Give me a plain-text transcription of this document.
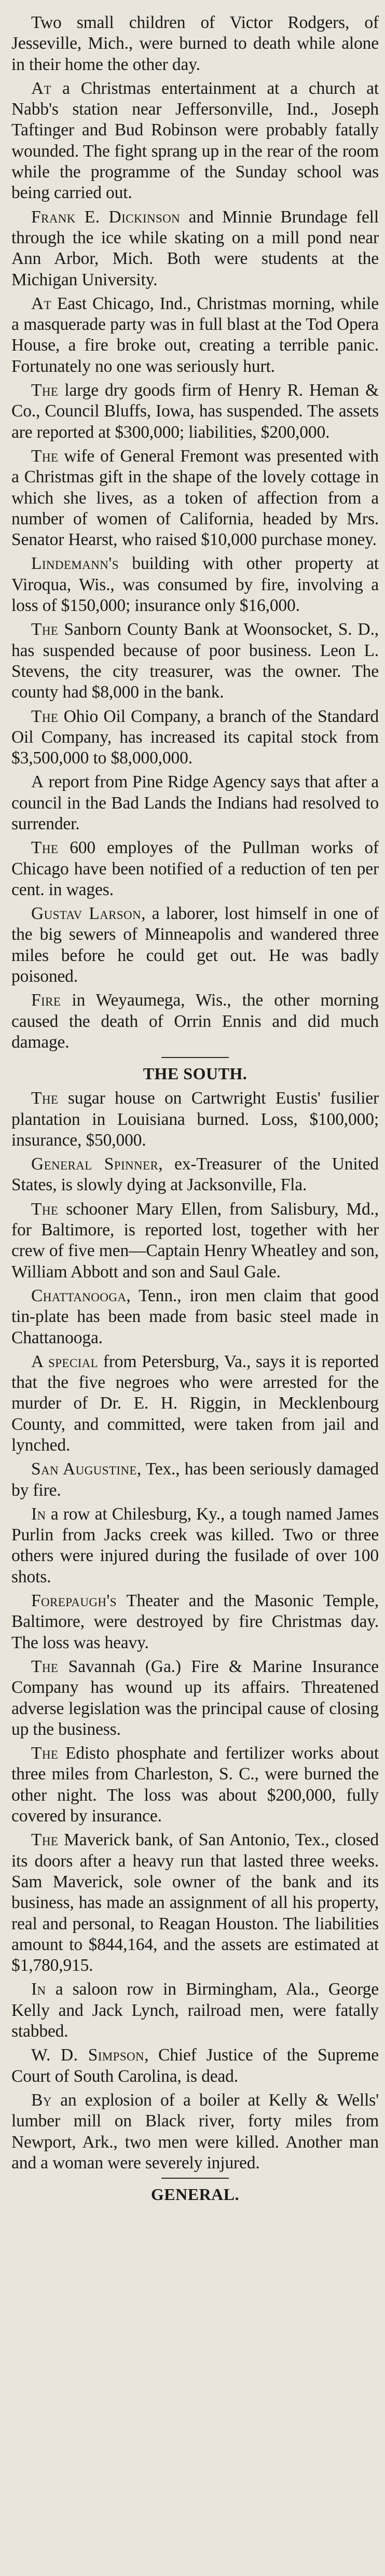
Two small children of Victor Rodgers, of Jesseville, Mich., were burned to death while alone in their home the other day.

At a Christmas entertainment at a church at Nabb's station near Jeffersonville, Ind., Joseph Taftinger and Bud Robinson were probably fatally wounded. The fight sprang up in the rear of the room while the programme of the Sunday school was being carried out.

Frank E. Dickinson and Minnie Brundage fell through the ice while skating on a mill pond near Ann Arbor, Mich. Both were students at the Michigan University.

At East Chicago, Ind., Christmas morning, while a masquerade party was in full blast at the Tod Opera House, a fire broke out, creating a terrible panic. Fortunately no one was seriously hurt.

The large dry goods firm of Henry R. Heman & Co., Council Bluffs, Iowa, has suspended. The assets are reported at $300,000; liabilities, $200,000.

The wife of General Fremont was presented with a Christmas gift in the shape of the lovely cottage in which she lives, as a token of affection from a number of women of California, headed by Mrs. Senator Hearst, who raised $10,000 purchase money.

Lindemann's building with other property at Viroqua, Wis., was consumed by fire, involving a loss of $150,000; insurance only $16,000.

The Sanborn County Bank at Woonsocket, S. D., has suspended because of poor business. Leon L. Stevens, the city treasurer, was the owner. The county had $8,000 in the bank.

The Ohio Oil Company, a branch of the Standard Oil Company, has increased its capital stock from $3,500,000 to $8,000,000.

A report from Pine Ridge Agency says that after a council in the Bad Lands the Indians had resolved to surrender.

The 600 employes of the Pullman works of Chicago have been notified of a reduction of ten per cent. in wages.

Gustav Larson, a laborer, lost himself in one of the big sewers of Minneapolis and wandered three miles before he could get out. He was badly poisoned.

Fire in Weyaumega, Wis., the other morning caused the death of Orrin Ennis and did much damage.

THE SOUTH.

The sugar house on Cartwright Eustis' fusilier plantation in Louisiana burned. Loss, $100,000; insurance, $50,000.

General Spinner, ex-Treasurer of the United States, is slowly dying at Jacksonville, Fla.

The schooner Mary Ellen, from Salisbury, Md., for Baltimore, is reported lost, together with her crew of five men—Captain Henry Wheatley and son, William Abbott and son and Saul Gale.

Chattanooga, Tenn., iron men claim that good tin-plate has been made from basic steel made in Chattanooga.

A special from Petersburg, Va., says it is reported that the five negroes who were arrested for the murder of Dr. E. H. Riggin, in Mecklenbourg County, and committed, were taken from jail and lynched.

San Augustine, Tex., has been seriously damaged by fire.

In a row at Chilesburg, Ky., a tough named James Purlin from Jacks creek was killed. Two or three others were injured during the fusilade of over 100 shots.

Forepaugh's Theater and the Masonic Temple, Baltimore, were destroyed by fire Christmas day. The loss was heavy.

The Savannah (Ga.) Fire & Marine Insurance Company has wound up its affairs. Threatened adverse legislation was the principal cause of closing up the business.

The Edisto phosphate and fertilizer works about three miles from Charleston, S. C., were burned the other night. The loss was about $200,000, fully covered by insurance.

The Maverick bank, of San Antonio, Tex., closed its doors after a heavy run that lasted three weeks. Sam Maverick, sole owner of the bank and its business, has made an assignment of all his property, real and personal, to Reagan Houston. The liabilities amount to $844,164, and the assets are estimated at $1,780,915.

In a saloon row in Birmingham, Ala., George Kelly and Jack Lynch, railroad men, were fatally stabbed.

W. D. Simpson, Chief Justice of the Supreme Court of South Carolina, is dead.

By an explosion of a boiler at Kelly & Wells' lumber mill on Black river, forty miles from Newport, Ark., two men were killed. Another man and a woman were severely injured.

GENERAL.
